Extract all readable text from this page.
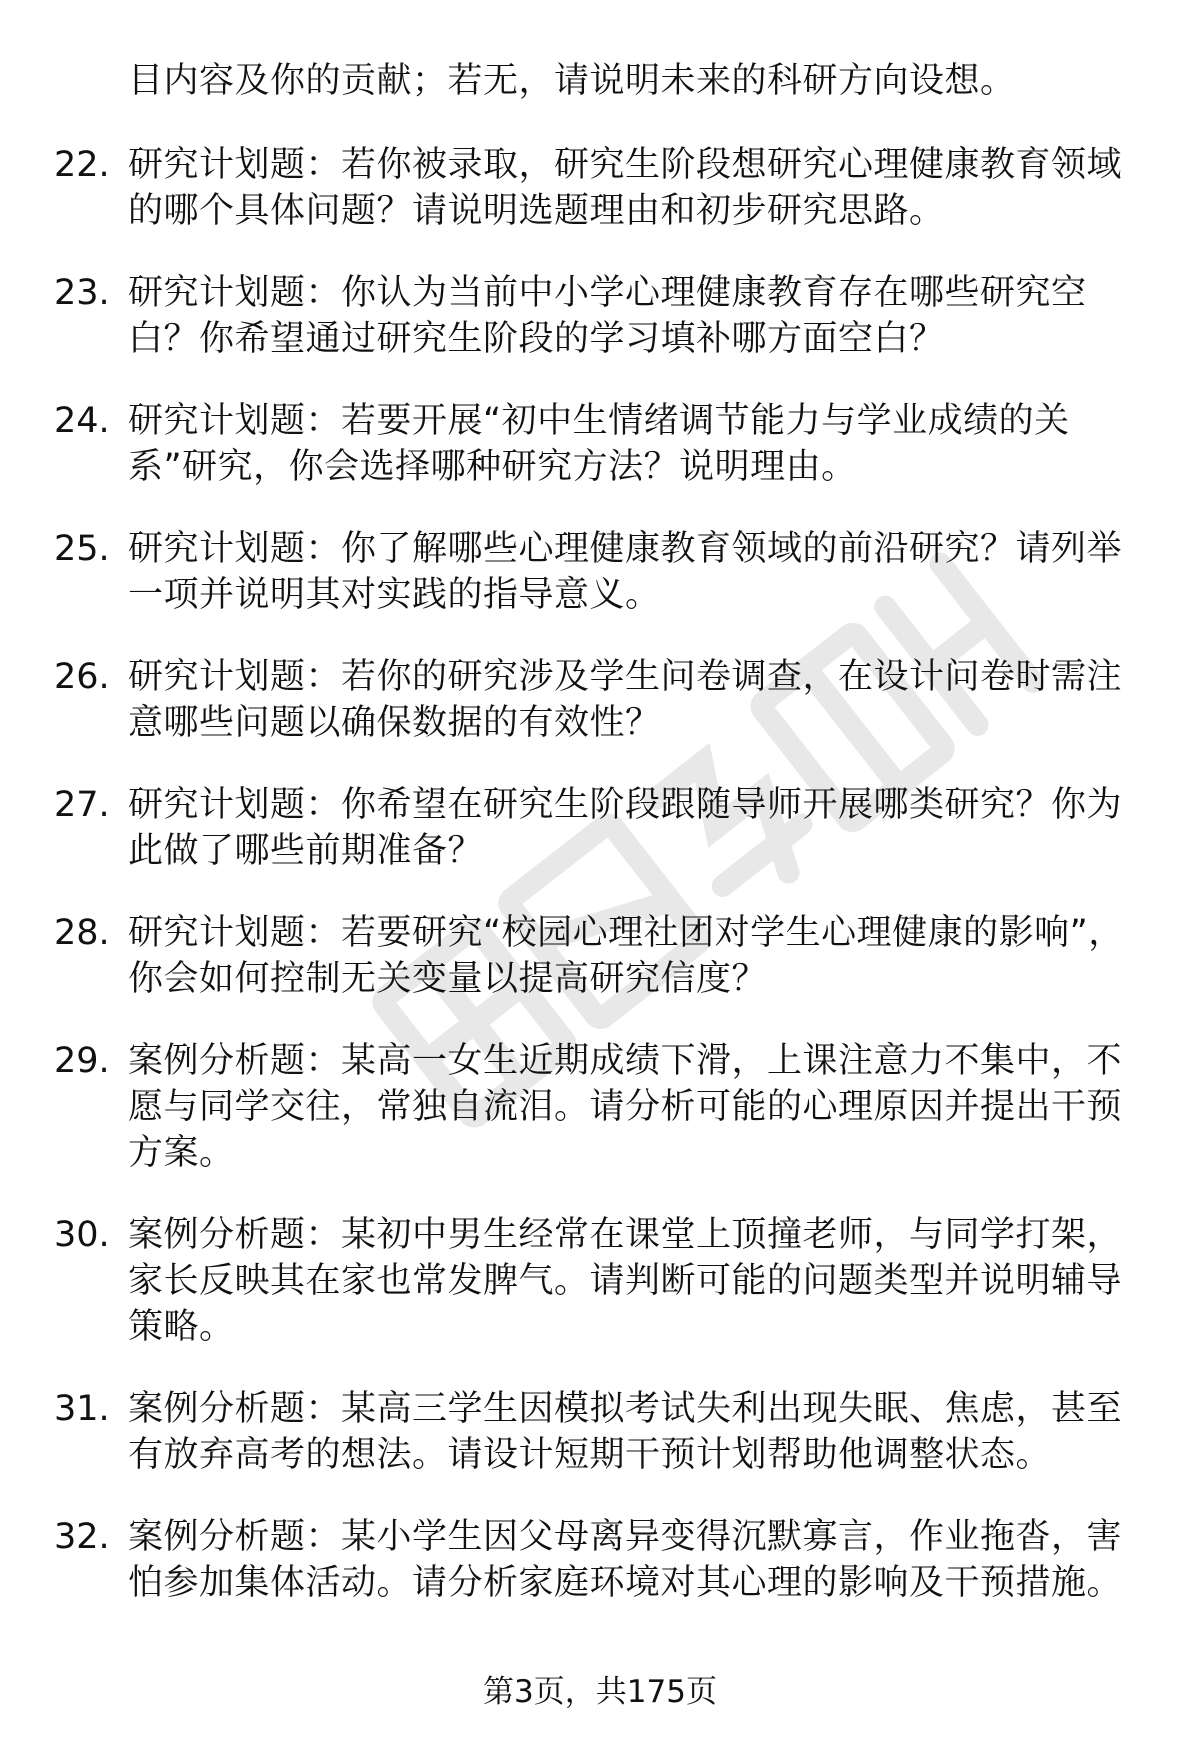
目内容及你的贡献；若无，请说明未来的科研方向设想。
22. 研究计划题：若你被录取，研究生阶段想研究心理健康教育领域的哪个具体问题？请说明选题理由和初步研究思路。
23. 研究计划题：你认为当前中小学心理健康教育存在哪些研究空白？你希望通过研究生阶段的学习填补哪方面空白？
24. 研究计划题：若要开展“初中生情绪调节能力与学业成绩的关系”研究，你会选择哪种研究方法？说明理由。
25. 研究计划题：你了解哪些心理健康教育领域的前沿研究？请列举一项并说明其对实践的指导意义。
26. 研究计划题：若你的研究涉及学生问卷调查，在设计问卷时需注意哪些问题以确保数据的有效性？
27. 研究计划题：你希望在研究生阶段跟随导师开展哪类研究？你为此做了哪些前期准备？
28. 研究计划题：若要研究“校园心理社团对学生心理健康的影响”，你会如何控制无关变量以提高研究信度？
29. 案例分析题：某高一女生近期成绩下滑，上课注意力不集中，不愿与同学交往，常独自流泪。请分析可能的心理原因并提出干预方案。
30. 案例分析题：某初中男生经常在课堂上顶撞老师，与同学打架，家长反映其在家也常发脾气。请判断可能的问题类型并说明辅导策略。
31. 案例分析题：某高三学生因模拟考试失利出现失眠、焦虑，甚至有放弃高考的想法。请设计短期干预计划帮助他调整状态。
32. 案例分析题：某小学生因父母离异变得沉默寡言，作业拖沓，害怕参加集体活动。请分析家庭环境对其心理的影响及干预措施。
第3页，共175页
